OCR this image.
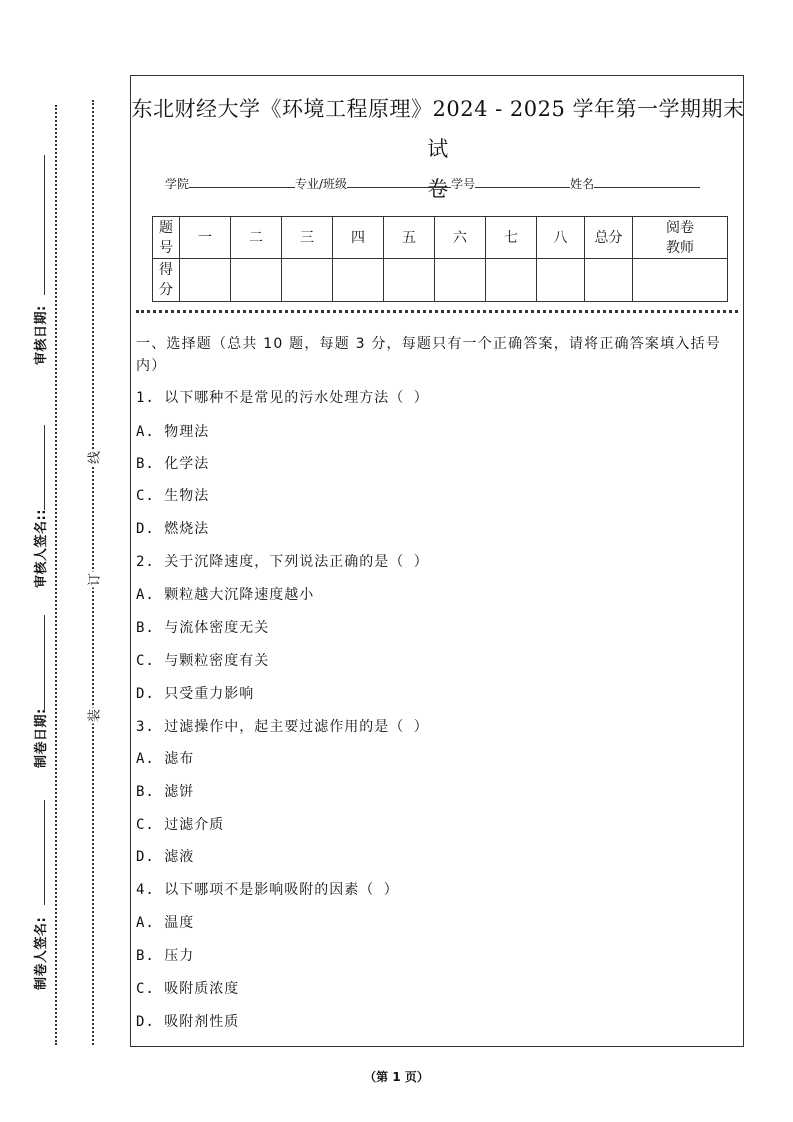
审核日期:
审核人签名::
制卷日期:
制卷人签名:
线
订
装
东北财经大学《环境工程原理》2024 - 2025 学年第一学期期末试
卷
学院	专业/班级	学号	姓名
题号	一	二	三	四	五	六	七	八	总分	阅卷教师
得分										
一、选择题（总共 10 题，每题 3 分，每题只有一个正确答案，请将正确答案填入括号内）
1. 以下哪种不是常见的污水处理方法（ ）
A. 物理法
B. 化学法
C. 生物法
D. 燃烧法
2. 关于沉降速度，下列说法正确的是（ ）
A. 颗粒越大沉降速度越小
B. 与流体密度无关
C. 与颗粒密度有关
D. 只受重力影响
3. 过滤操作中，起主要过滤作用的是（ ）
A. 滤布
B. 滤饼
C. 过滤介质
D. 滤液
4. 以下哪项不是影响吸附的因素（ ）
A. 温度
B. 压力
C. 吸附质浓度
D. 吸附剂性质
（第 1 页）
